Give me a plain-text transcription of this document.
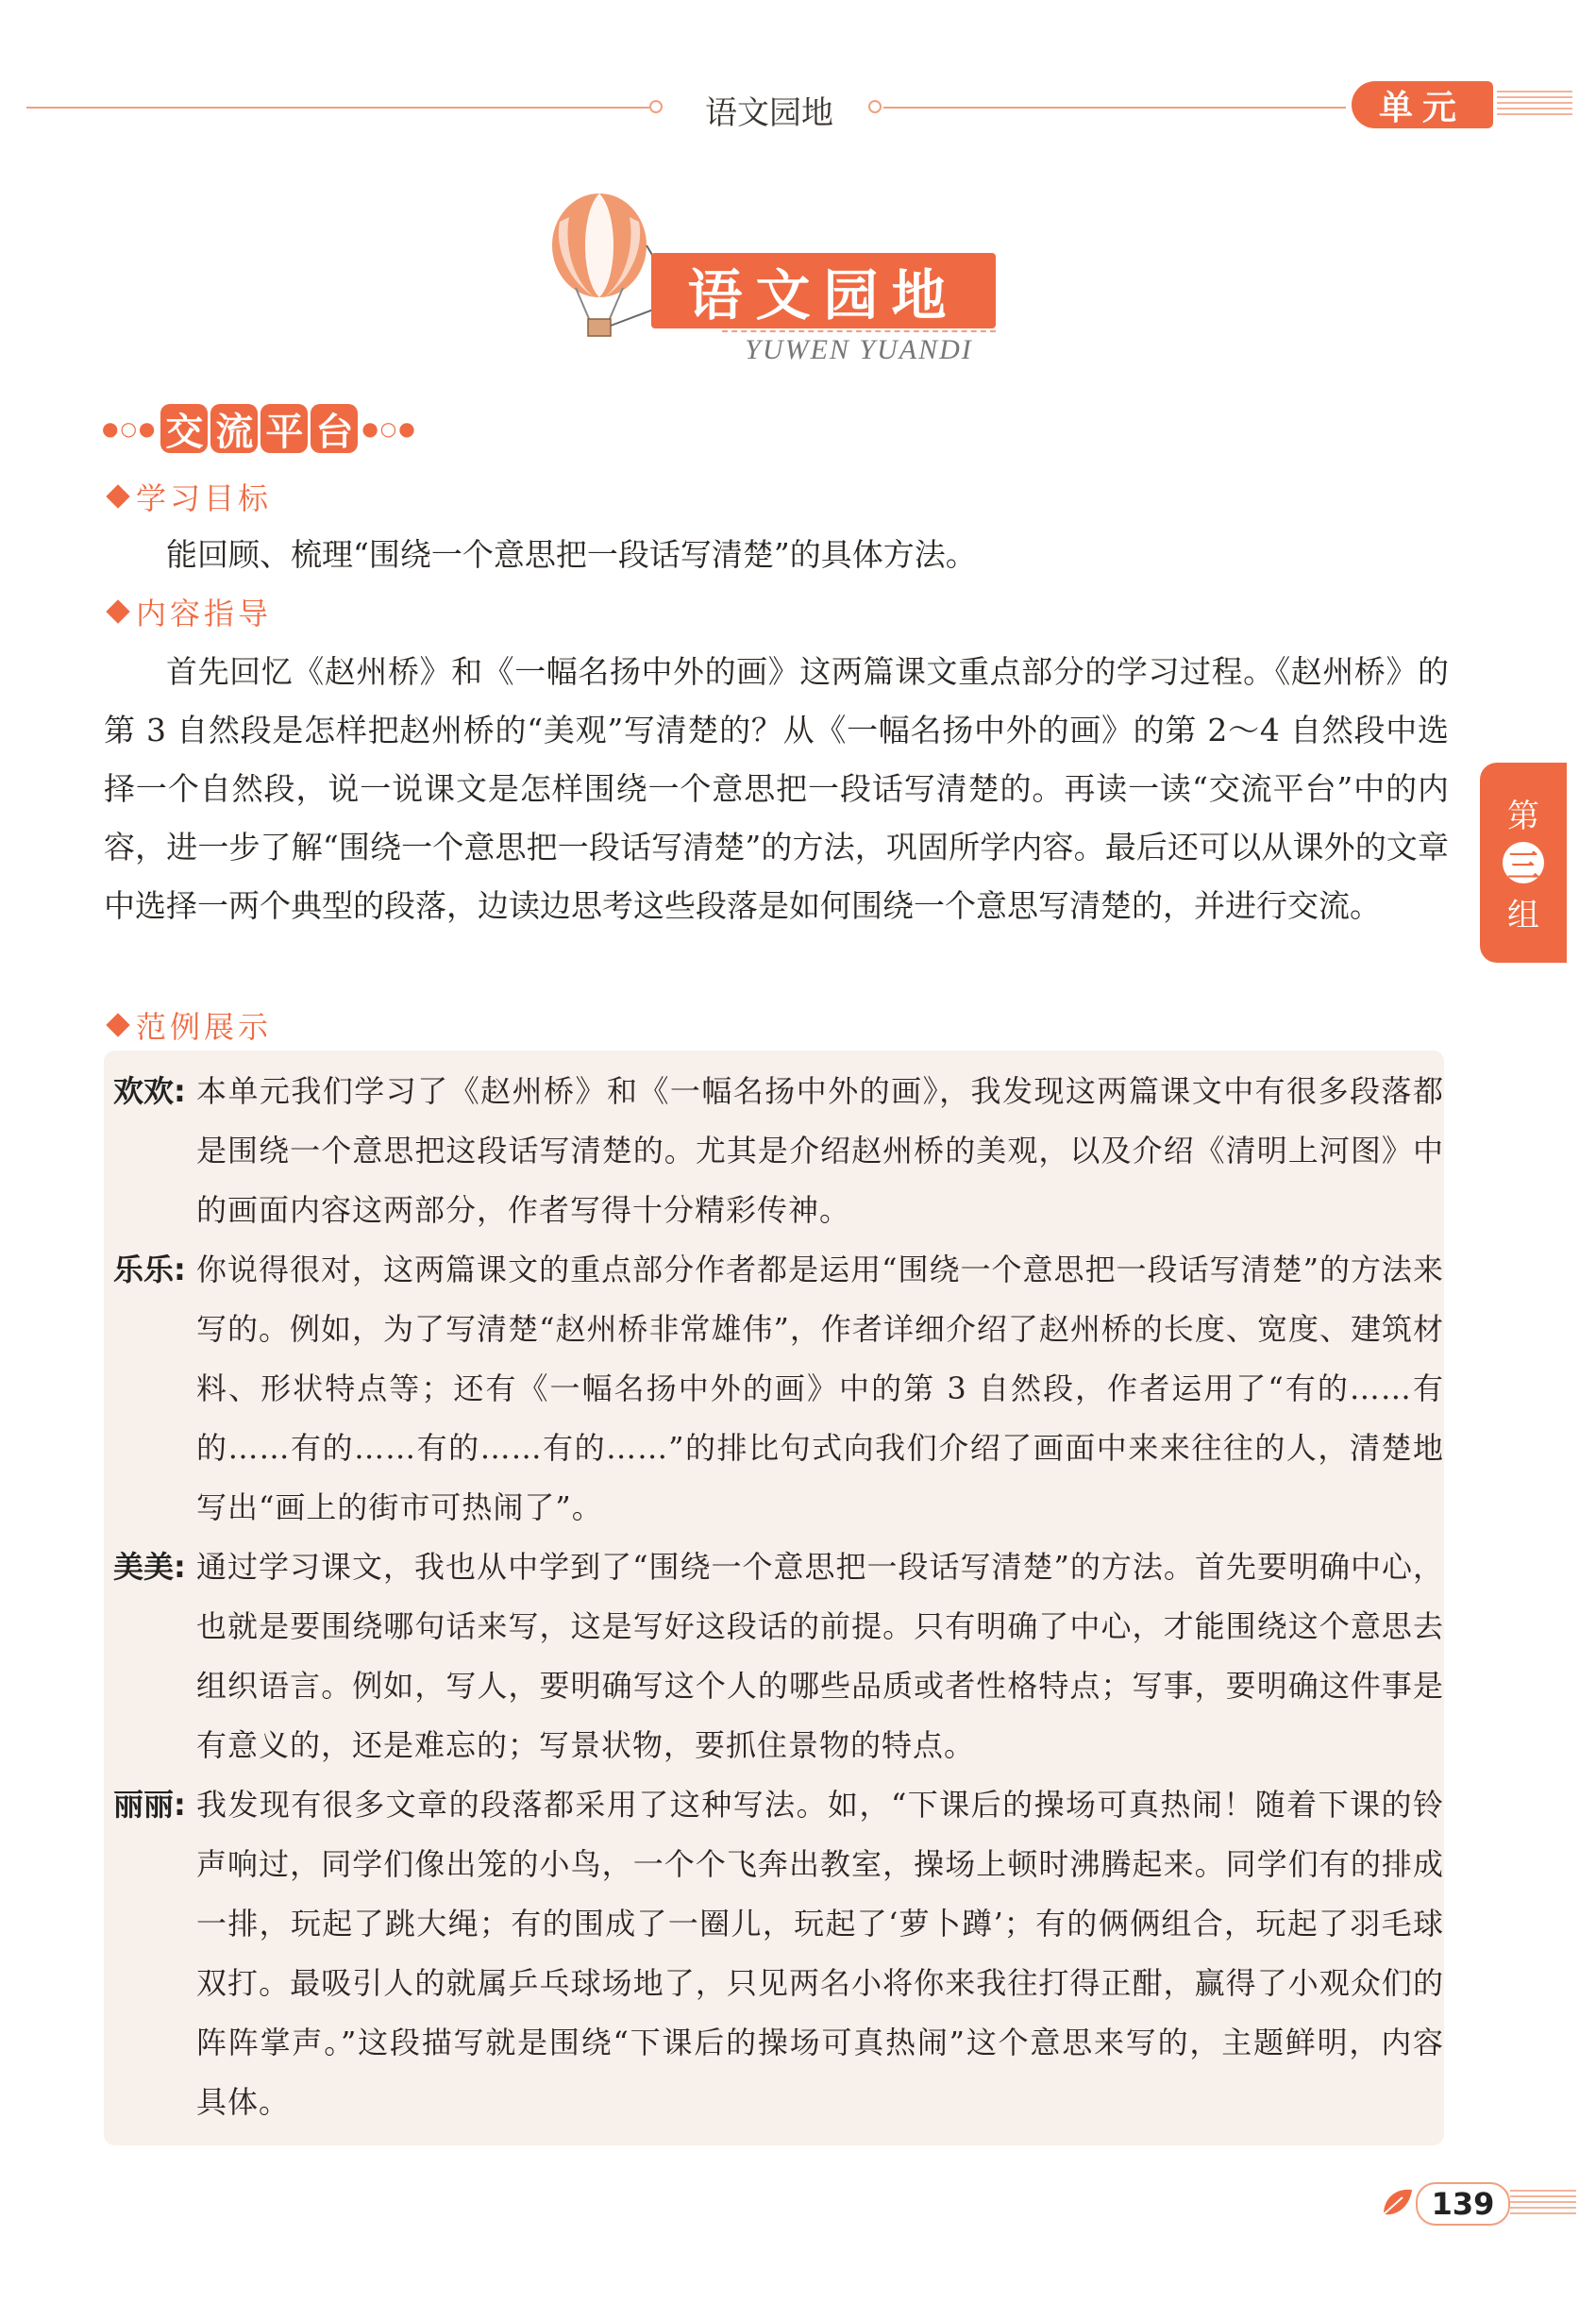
语文园地	单元
语文园地
YUWEN YUANDI
●○● 交 流 平 台 ●○●
学习目标
能回顾、梳理“围绕一个意思把一段话写清楚”的具体方法。
内容指导
首先回忆《赵州桥》和《一幅名扬中外的画》这两篇课文重点部分的学习过程。《赵州桥》的第 3 自然段是怎样把赵州桥的“美观”写清楚的？从《一幅名扬中外的画》的第 2～4 自然段中选择一个自然段，说一说课文是怎样围绕一个意思把一段话写清楚的。再读一读“交流平台”中的内容，进一步了解“围绕一个意思把一段话写清楚”的方法，巩固所学内容。最后还可以从课外的文章中选择一两个典型的段落，边读边思考这些段落是如何围绕一个意思写清楚的，并进行交流。
范例展示
欢欢: 本单元我们学习了《赵州桥》和《一幅名扬中外的画》，我发现这两篇课文中有很多段落都是围绕一个意思把这段话写清楚的。尤其是介绍赵州桥的美观，以及介绍《清明上河图》中的画面内容这两部分，作者写得十分精彩传神。
乐乐: 你说得很对，这两篇课文的重点部分作者都是运用“围绕一个意思把一段话写清楚”的方法来写的。例如，为了写清楚“赵州桥非常雄伟”，作者详细介绍了赵州桥的长度、宽度、建筑材料、形状特点等；还有《一幅名扬中外的画》中的第 3 自然段，作者运用了“有的……有的……有的……有的……有的……”的排比句式向我们介绍了画面中来来往往的人，清楚地写出“画上的街市可热闹了”。
美美: 通过学习课文，我也从中学到了“围绕一个意思把一段话写清楚”的方法。首先要明确中心，也就是要围绕哪句话来写，这是写好这段话的前提。只有明确了中心，才能围绕这个意思去组织语言。例如，写人，要明确写这个人的哪些品质或者性格特点；写事，要明确这件事是有意义的，还是难忘的；写景状物，要抓住景物的特点。
丽丽: 我发现有很多文章的段落都采用了这种写法。如，“下课后的操场可真热闹！随着下课的铃声响过，同学们像出笼的小鸟，一个个飞奔出教室，操场上顿时沸腾起来。同学们有的排成一排，玩起了跳大绳；有的围成了一圈儿，玩起了‘萝卜蹲’；有的俩俩组合，玩起了羽毛球双打。最吸引人的就属乒乓球场地了，只见两名小将你来我往打得正酣，赢得了小观众们的阵阵掌声。”这段描写就是围绕“下课后的操场可真热闹”这个意思来写的，主题鲜明，内容具体。
第
三
组
139
